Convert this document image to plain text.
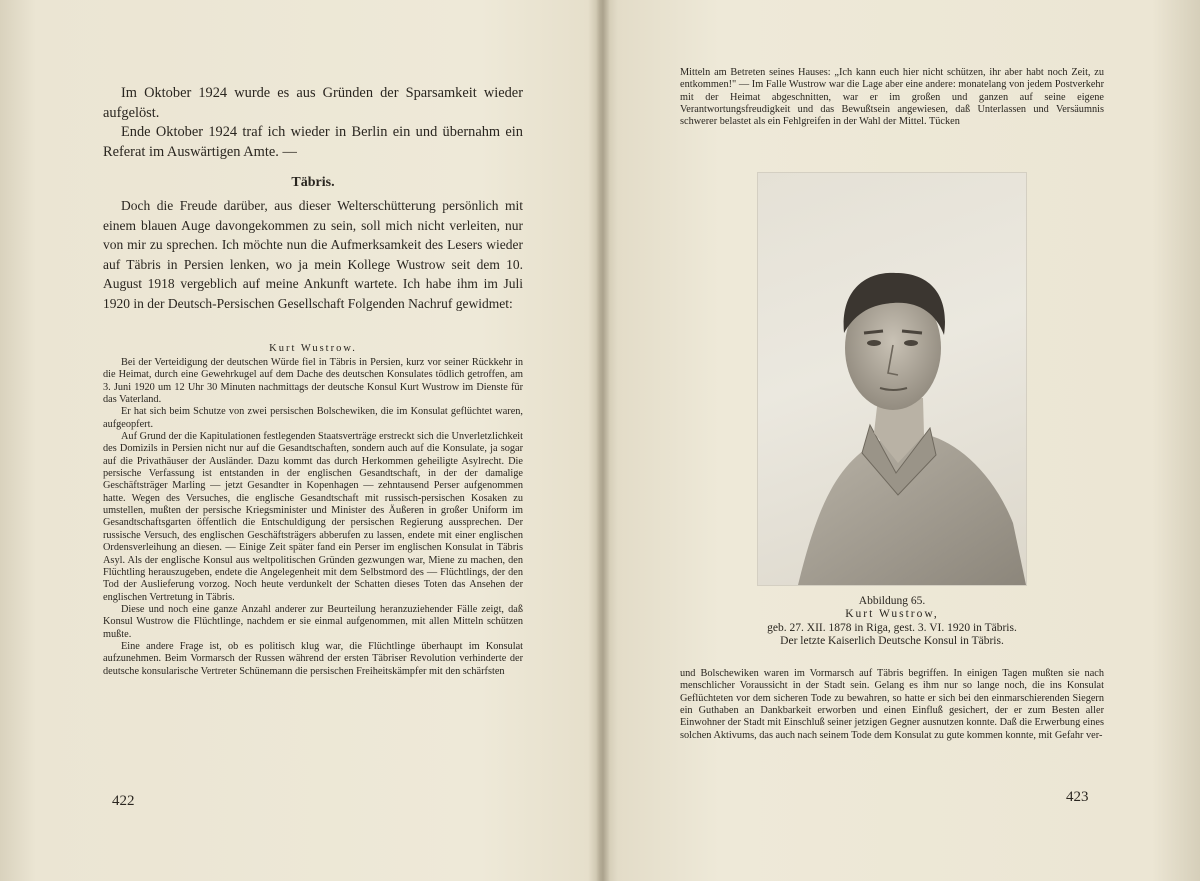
Im Oktober 1924 wurde es aus Gründen der Sparsamkeit wieder aufgelöst.

Ende Oktober 1924 traf ich wieder in Berlin ein und übernahm ein Referat im Auswärtigen Amte. —

Täbris.

Doch die Freude darüber, aus dieser Welterschütterung persönlich mit einem blauen Auge davongekommen zu sein, soll mich nicht verleiten, nur von mir zu sprechen. Ich möchte nun die Aufmerksamkeit des Lesers wieder auf Täbris in Persien lenken, wo ja mein Kollege Wustrow seit dem 10. August 1918 vergeblich auf meine Ankunft wartete. Ich habe ihm im Juli 1920 in der Deutsch-Persischen Gesellschaft Folgenden Nachruf gewidmet:

Kurt Wustrow.

Bei der Verteidigung der deutschen Würde fiel in Täbris in Persien, kurz vor seiner Rückkehr in die Heimat, durch eine Gewehrkugel auf dem Dache des deutschen Konsulates tödlich getroffen, am 3. Juni 1920 um 12 Uhr 30 Minuten nachmittags der deutsche Konsul Kurt Wustrow im Dienste für das Vaterland.

Er hat sich beim Schutze von zwei persischen Bolschewiken, die im Konsulat geflüchtet waren, aufgeopfert.

Auf Grund der die Kapitulationen festlegenden Staatsverträge erstreckt sich die Unverletzlichkeit des Domizils in Persien nicht nur auf die Gesandtschaften, sondern auch auf die Konsulate, ja sogar auf die Privathäuser der Ausländer. Dazu kommt das durch Herkommen geheiligte Asylrecht. Die persische Verfassung ist entstanden in der englischen Gesandtschaft, in der der damalige Geschäftsträger Marling — jetzt Gesandter in Kopenhagen — zehntausend Perser aufgenommen hatte. Wegen des Versuches, die englische Gesandtschaft mit russisch-persischen Kosaken zu umstellen, mußten der persische Kriegsminister und Minister des Äußeren in großer Uniform im Gesandtschaftsgarten öffentlich die Entschuldigung der persischen Regierung aussprechen. Der russische Versuch, des englischen Geschäftsträgers abberufen zu lassen, endete mit einer englischen Ordensverleihung an diesen. — Einige Zeit später fand ein Perser im englischen Konsulat in Täbris Asyl. Als der englische Konsul aus weltpolitischen Gründen gezwungen war, Miene zu machen, den Flüchtling herauszugeben, endete die Angelegenheit mit dem Selbstmord des — Flüchtlings, der den Tod der Auslieferung vorzog. Noch heute verdunkelt der Schatten dieses Toten das Ansehen der englischen Vertretung in Täbris.

Diese und noch eine ganze Anzahl anderer zur Beurteilung heranzuziehender Fälle zeigt, daß Konsul Wustrow die Flüchtlinge, nachdem er sie einmal aufgenommen, mit allen Mitteln schützen mußte.

Eine andere Frage ist, ob es politisch klug war, die Flüchtlinge überhaupt im Konsulat aufzunehmen. Beim Vormarsch der Russen während der ersten Täbriser Revolution verhinderte der deutsche konsularische Vertreter Schünemann die persischen Freiheitskämpfer mit den schärfsten

422

Mitteln am Betreten seines Hauses: „Ich kann euch hier nicht schützen, ihr aber habt noch Zeit, zu entkommen!" — Im Falle Wustrow war die Lage aber eine andere: monatelang von jedem Postverkehr mit der Heimat abgeschnitten, war er im großen und ganzen auf seine eigene Verantwortungsfreudigkeit und das Bewußtsein angewiesen, daß Unterlassen und Versäumnis schwerer belastet als ein Fehlgreifen in der Wahl der Mittel. Tücken

Abbildung 65.
Kurt Wustrow,
geb. 27. XII. 1878 in Riga, gest. 3. VI. 1920 in Täbris.
Der letzte Kaiserlich Deutsche Konsul in Täbris.

und Bolschewiken waren im Vormarsch auf Täbris begriffen. In einigen Tagen mußten sie nach menschlicher Voraussicht in der Stadt sein. Gelang es ihm nur so lange noch, die ins Konsulat Geflüchteten vor dem sicheren Tode zu bewahren, so hatte er sich bei den einmarschierenden Siegern ein Guthaben an Dankbarkeit erworben und einen Einfluß gesichert, der er zum Besten aller Einwohner der Stadt mit Einschluß seiner jetzigen Gegner ausnutzen konnte. Daß die Erwerbung eines solchen Aktivums, das auch nach seinem Tode dem Konsulat zu gute kommen konnte, mit Gefahr ver-

423
